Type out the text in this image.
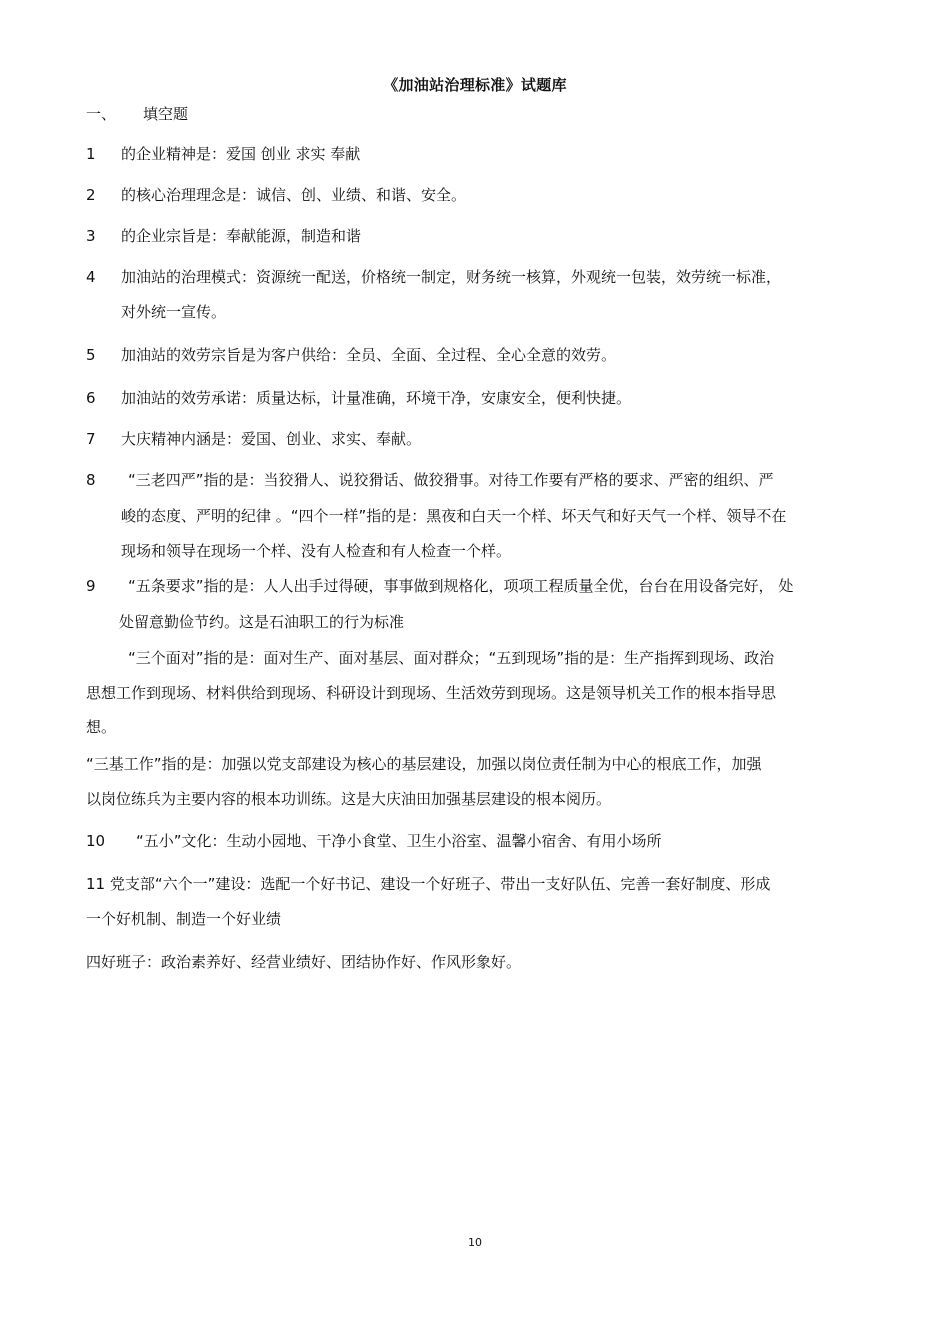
《加油站治理标准》试题库
一、 填空题
1 的企业精神是：爱国 创业 求实 奉献
2 的核心治理理念是：诚信、创、业绩、和谐、安全。
3 的企业宗旨是：奉献能源，制造和谐
4 加油站的治理模式：资源统一配送，价格统一制定，财务统一核算，外观统一包装，效劳统一标准，
对外统一宣传。
5 加油站的效劳宗旨是为客户供给：全员、全面、全过程、全心全意的效劳。
6 加油站的效劳承诺：质量达标，计量准确，环境干净，安康安全，便利快捷。
7 大庆精神内涵是：爱国、创业、求实、奉献。
8 “三老四严”指的是：当狡猾人、说狡猾话、做狡猾事。对待工作要有严格的要求、严密的组织、严
峻的态度、严明的纪律 。“四个一样”指的是：黑夜和白天一个样、坏天气和好天气一个样、领导不在
现场和领导在现场一个样、没有人检查和有人检查一个样。
9 “五条要求”指的是：人人出手过得硬，事事做到规格化，项项工程质量全优，台台在用设备完好， 处
处留意勤俭节约。这是石油职工的行为标准
“三个面对”指的是：面对生产、面对基层、面对群众；“五到现场”指的是：生产指挥到现场、政治
思想工作到现场、材料供给到现场、科研设计到现场、生活效劳到现场。这是领导机关工作的根本指导思
想。
“三基工作”指的是：加强以党支部建设为核心的基层建设，加强以岗位责任制为中心的根底工作，加强
以岗位练兵为主要内容的根本功训练。这是大庆油田加强基层建设的根本阅历。
10 “五小”文化：生动小园地、干净小食堂、卫生小浴室、温馨小宿舍、有用小场所
11 党支部“六个一”建设：选配一个好书记、建设一个好班子、带出一支好队伍、完善一套好制度、形成
一个好机制、制造一个好业绩
四好班子：政治素养好、经营业绩好、团结协作好、作风形象好。
10
